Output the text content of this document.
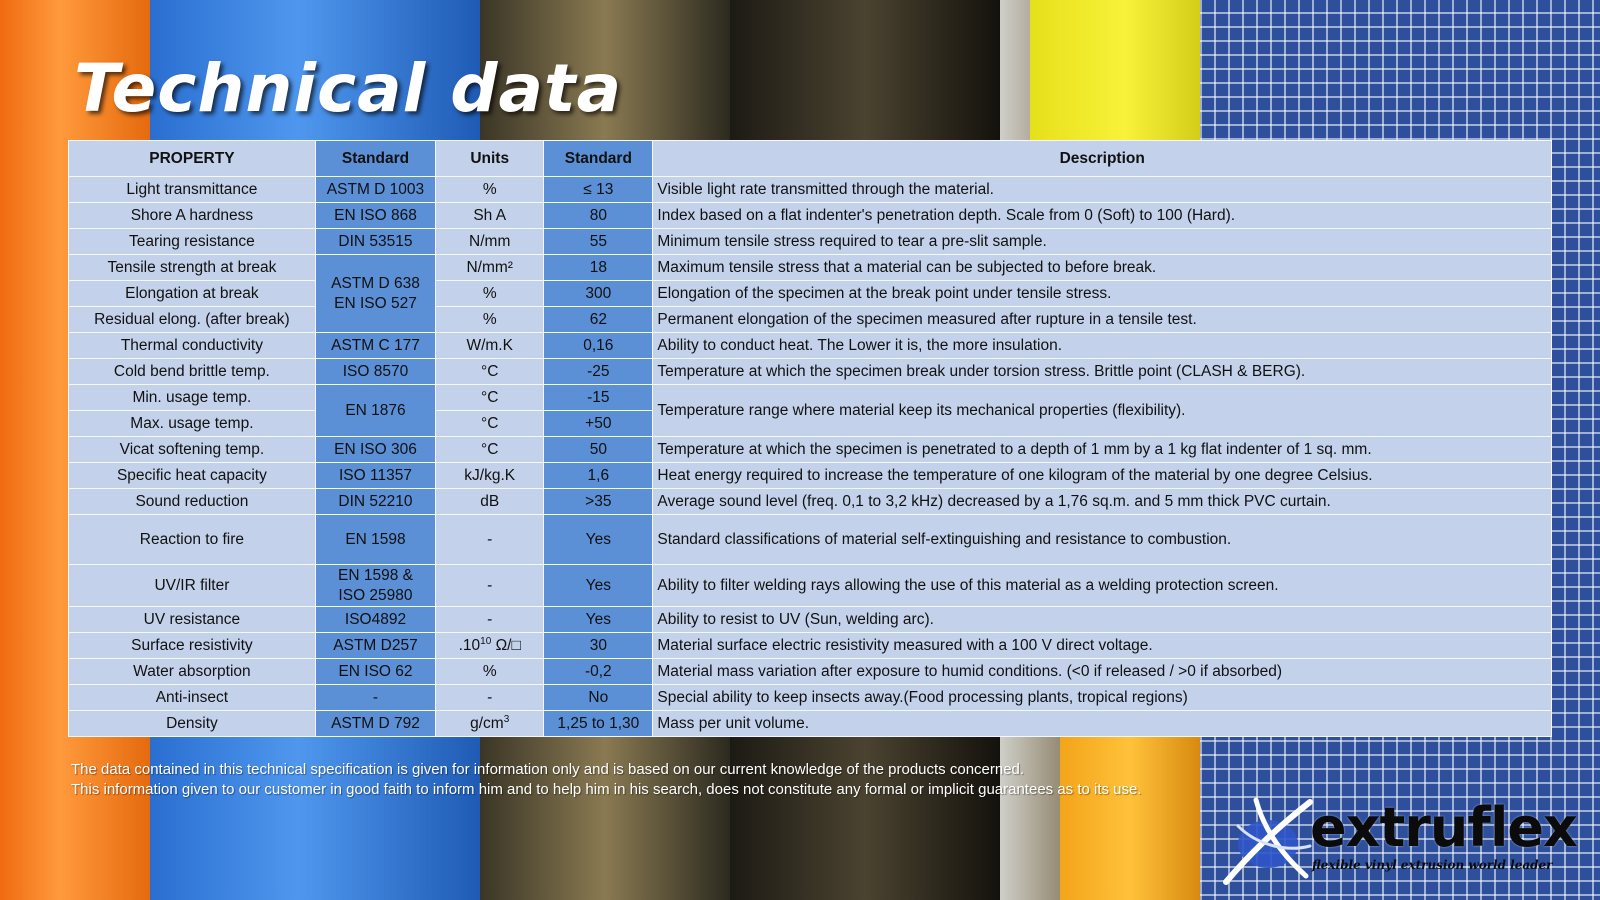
Technical data
PROPERTY	Standard	Units	Standard	Description
Light transmittance	ASTM D 1003	%	≤ 13	Visible light rate transmitted through the material.
Shore A hardness	EN ISO 868	Sh A	80	Index based on a flat indenter's penetration depth. Scale from 0 (Soft) to 100 (Hard).
Tearing resistance	DIN 53515	N/mm	55	Minimum tensile stress required to tear a pre-slit sample.
Tensile strength at break	ASTM D 638 EN ISO 527	N/mm²	18	Maximum tensile stress that a material can be subjected to before break.
Elongation at break		%	300	Elongation of the specimen at the break point under tensile stress.
Residual elong. (after break)		%	62	Permanent elongation of the specimen measured after rupture in a tensile test.
Thermal conductivity	ASTM C 177	W/m.K	0,16	Ability to conduct heat. The Lower it is, the more insulation.
Cold bend brittle temp.	ISO 8570	°C	-25	Temperature at which the specimen break under torsion stress. Brittle point (CLASH & BERG).
Min. usage temp.	EN 1876	°C	-15	Temperature range where material keep its mechanical properties (flexibility).
Max. usage temp.		°C	+50	
Vicat softening temp.	EN ISO 306	°C	50	Temperature at which the specimen is penetrated to a depth of 1 mm by a 1 kg flat indenter of 1 sq. mm.
Specific heat capacity	ISO 11357	kJ/kg.K	1,6	Heat energy required to increase the temperature of one kilogram of the material by one degree Celsius.
Sound reduction	DIN 52210	dB	>35	Average sound level (freq. 0,1 to 3,2 kHz) decreased by a 1,76 sq.m. and 5 mm thick PVC curtain.
Reaction to fire	EN 1598	-	Yes	Standard classifications of material self-extinguishing and resistance to combustion.
UV/IR filter	EN 1598 & ISO 25980	-	Yes	Ability to filter welding rays allowing the use of this material as a welding protection screen.
UV resistance	ISO4892	-	Yes	Ability to resist to UV (Sun, welding arc).
Surface resistivity	ASTM D257	$.10^{10}$ Ω/□	30	Material surface electric resistivity measured with a 100 V direct voltage.
Water absorption	EN ISO 62	%	-0,2	Material mass variation after exposure to humid conditions. (<0 if released / >0 if absorbed)
Anti-insect	-	-	No	Special ability to keep insects away.(Food processing plants, tropical regions)
Density	ASTM D 792	$g/cm^3$	1,25 to 1,30	Mass per unit volume.

The data contained in this technical specification is given for information only and is based on our current knowledge of the products concerned.
This information given to our customer in good faith to inform him and to help him in his search, does not constitute any formal or implicit guarantees as to its use.

extruflex
flexible vinyl extrusion world leader
